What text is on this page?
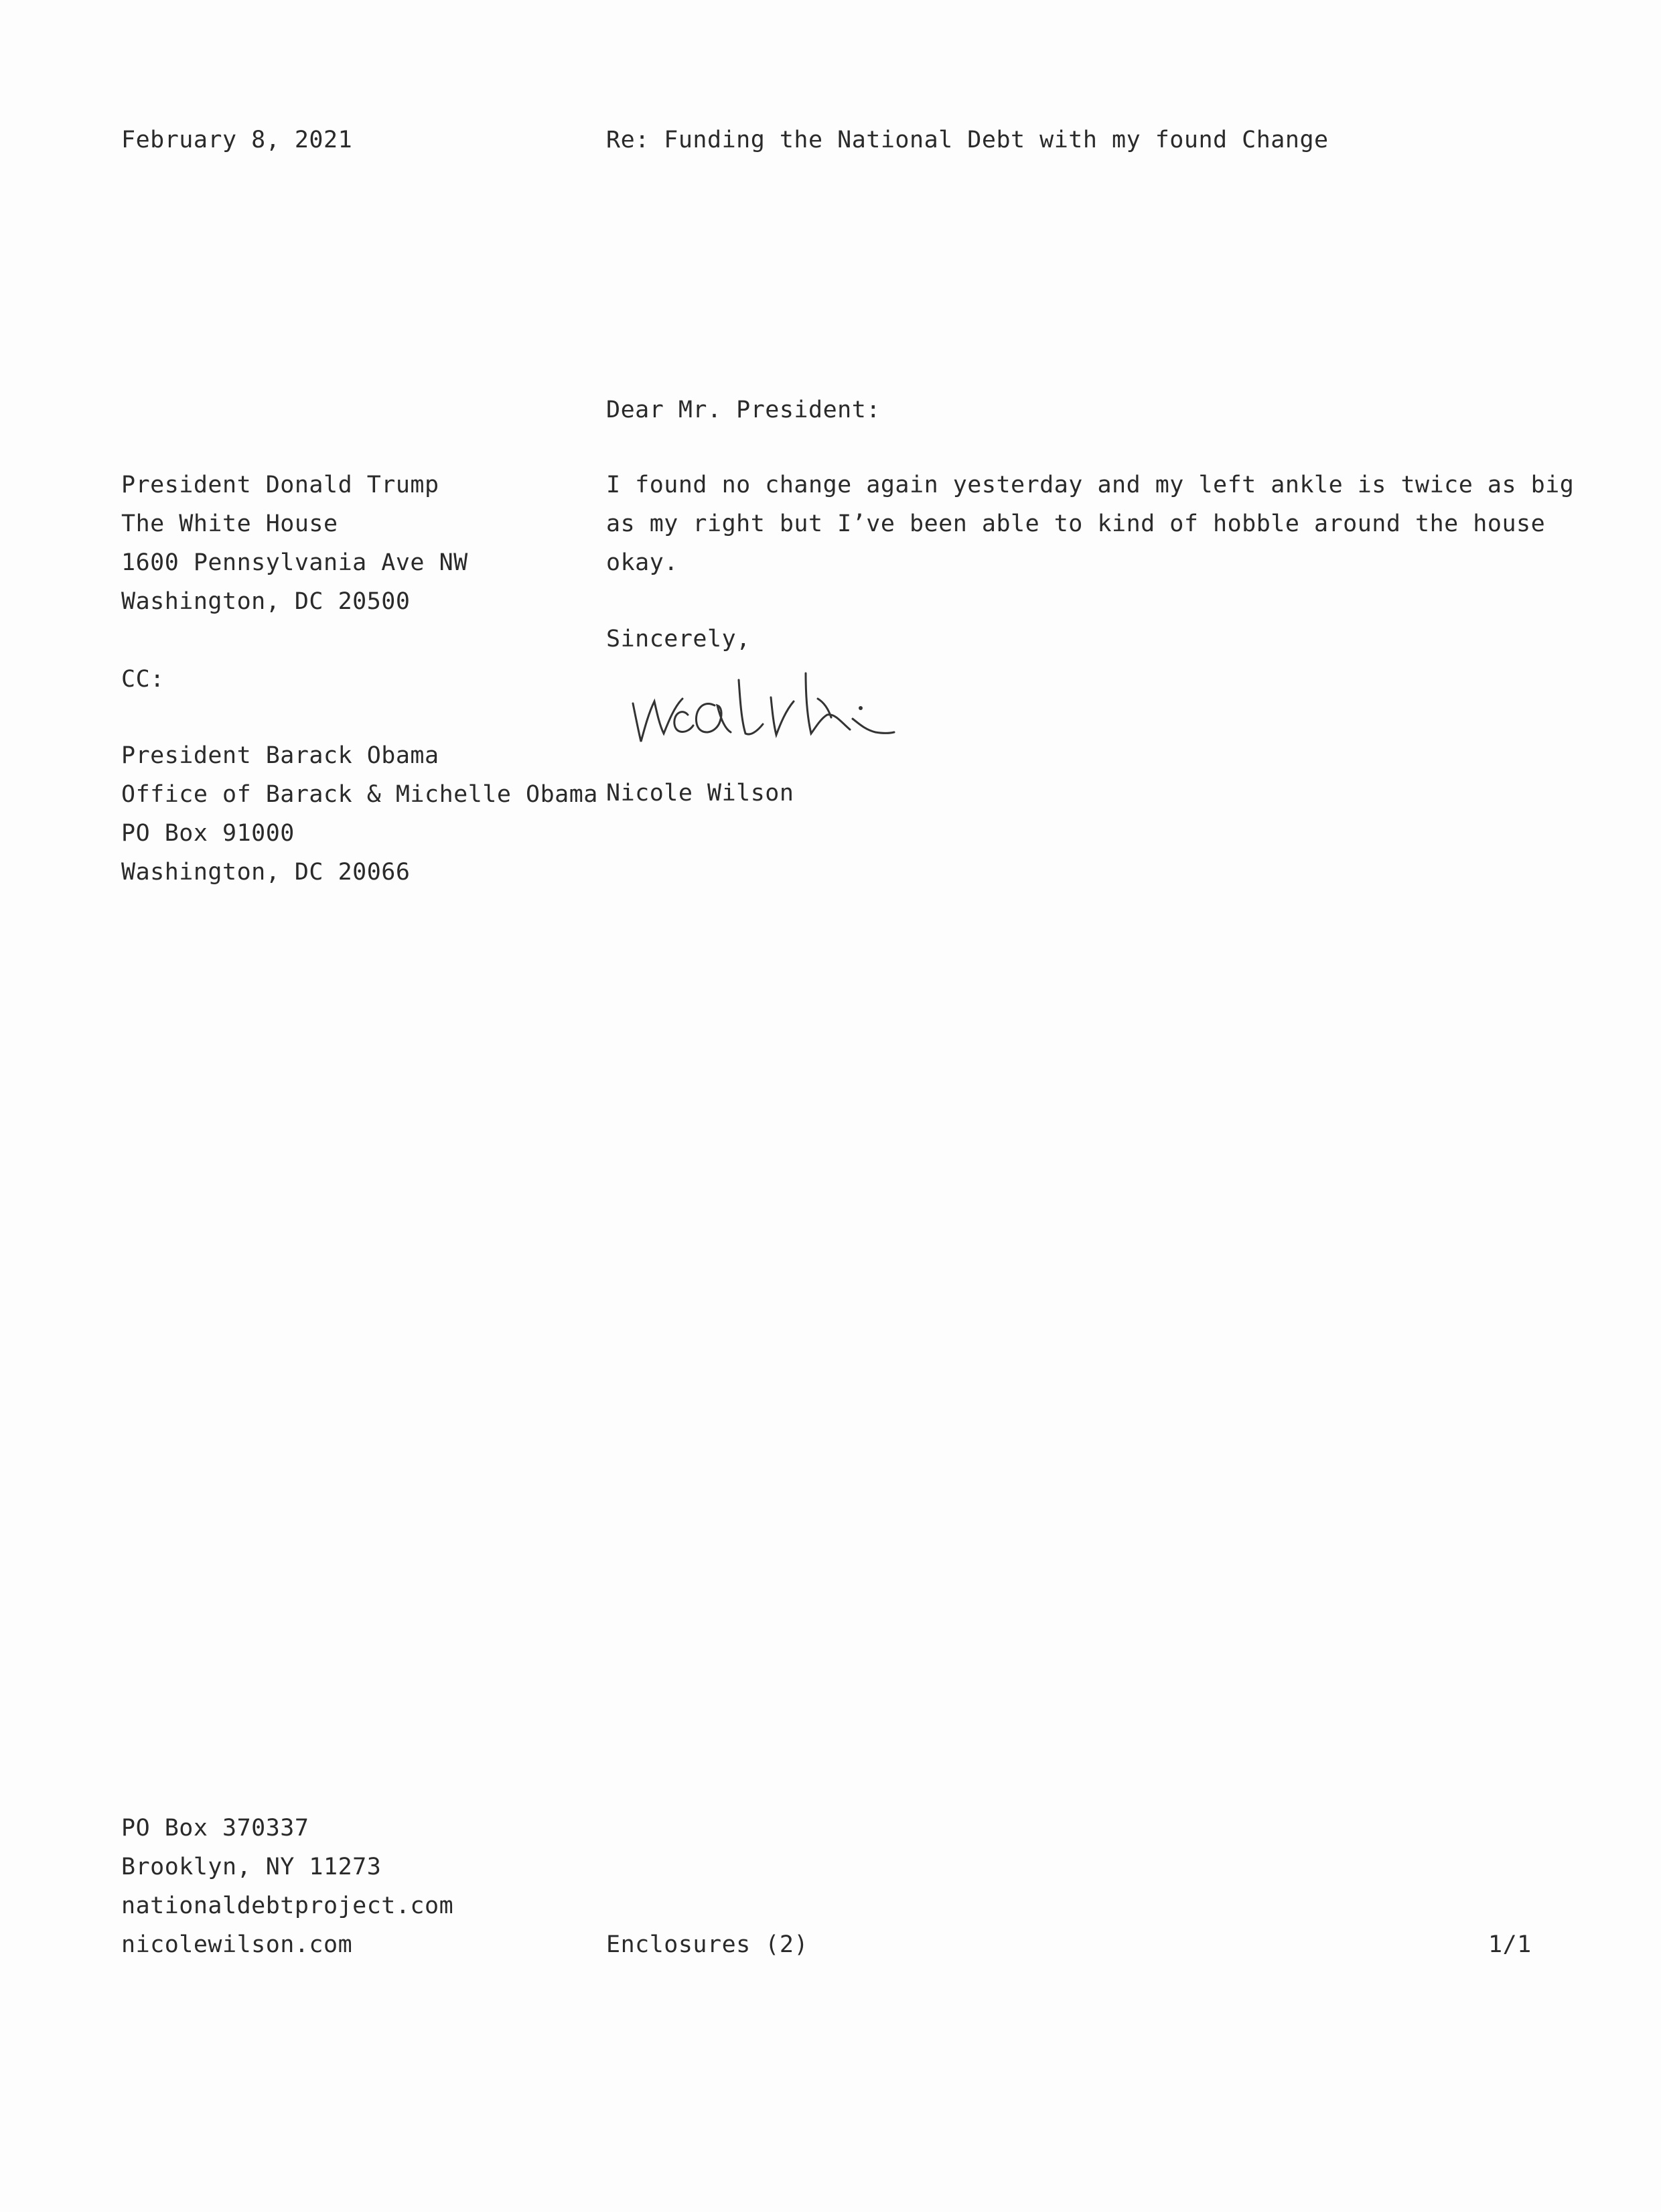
February 8, 2021	Re: Funding the National Debt with my found Change
Dear Mr. President:
President Donald Trump
The White House
1600 Pennsylvania Ave NW
Washington, DC 20500
CC:
President Barack Obama
Office of Barack & Michelle Obama
PO Box 91000
Washington, DC 20066
I found no change again yesterday and my left ankle is twice as big
as my right but I’ve been able to kind of hobble around the house
okay.
Sincerely,
Nicole Wilson
PO Box 370337
Brooklyn, NY 11273
nationaldebtproject.com
nicolewilson.com	Enclosures (2)	1/1
